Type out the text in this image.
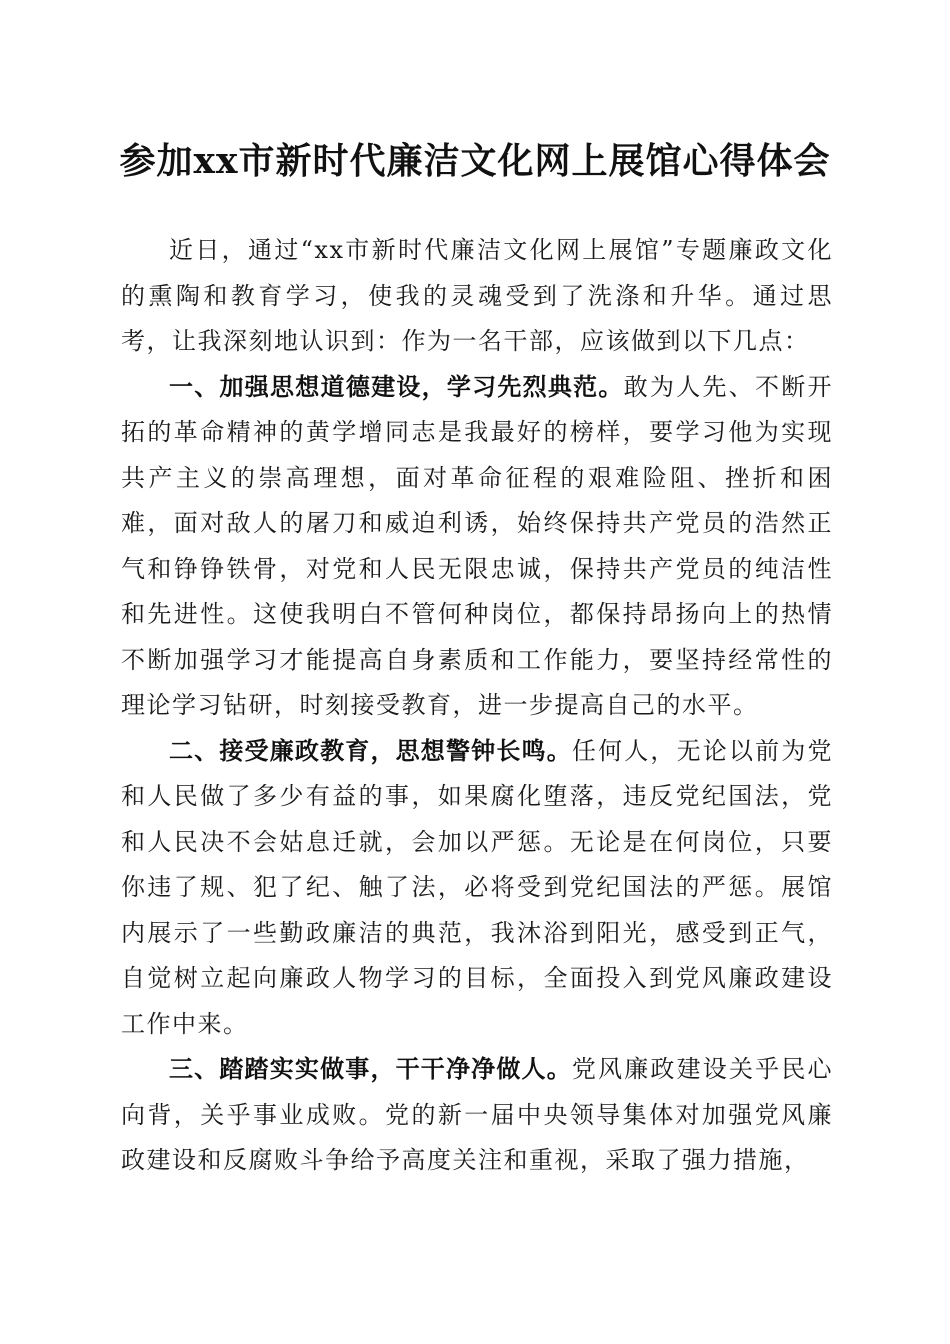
参加xx市新时代廉洁文化网上展馆心得体会

近日，通过“xx市新时代廉洁文化网上展馆”专题廉政文化的熏陶和教育学习，使我的灵魂受到了洗涤和升华。通过思考，让我深刻地认识到：作为一名干部，应该做到以下几点：

一、加强思想道德建设，学习先烈典范。敢为人先、不断开拓的革命精神的黄学增同志是我最好的榜样，要学习他为实现共产主义的崇高理想，面对革命征程的艰难险阻、挫折和困难，面对敌人的屠刀和威迫利诱，始终保持共产党员的浩然正气和铮铮铁骨，对党和人民无限忠诚，保持共产党员的纯洁性和先进性。这使我明白不管何种岗位，都保持昂扬向上的热情不断加强学习才能提高自身素质和工作能力，要坚持经常性的理论学习钻研，时刻接受教育，进一步提高自己的水平。

二、接受廉政教育，思想警钟长鸣。任何人，无论以前为党和人民做了多少有益的事，如果腐化堕落，违反党纪国法，党和人民决不会姑息迁就，会加以严惩。无论是在何岗位，只要你违了规、犯了纪、触了法，必将受到党纪国法的严惩。展馆内展示了一些勤政廉洁的典范，我沐浴到阳光，感受到正气，自觉树立起向廉政人物学习的目标，全面投入到党风廉政建设工作中来。

三、踏踏实实做事，干干净净做人。党风廉政建设关乎民心向背，关乎事业成败。党的新一届中央领导集体对加强党风廉政建设和反腐败斗争给予高度关注和重视，采取了强力措施，
